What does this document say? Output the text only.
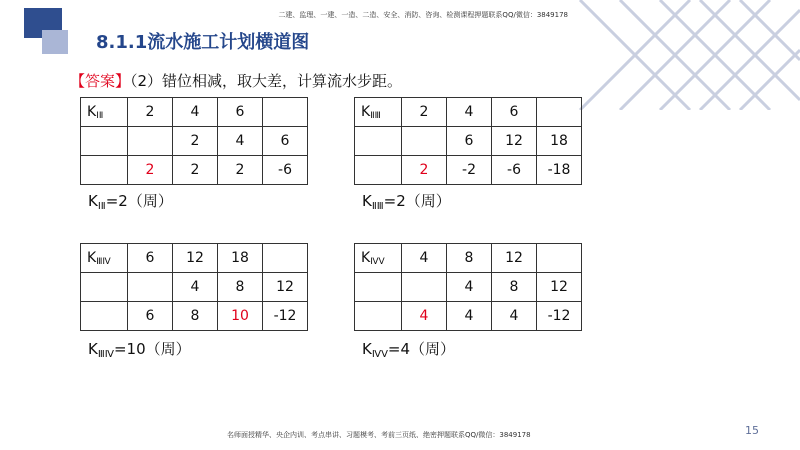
二建、监理、一建、一造、二造、安全、消防、咨询、检测课程押题联系QQ/微信：3849178
8.1.1流水施工计划横道图
【答案】（2）错位相减，取大差，计算流水步距。
$K_{ⅠⅡ}$	2	4	6	
		2	4	6
	2	2	2	-6
$K_{ⅠⅡ}=2$（周）
$K_{ⅡⅢ}$	2	4	6	
		6	12	18
	2	-2	-6	-18
$K_{ⅡⅢ}=2$（周）
$K_{ⅢⅣ}$	6	12	18	
		4	8	12
	6	8	10	-12
$K_{ⅢⅣ}=10$（周）
$K_{ⅣⅤ}$	4	8	12	
		4	8	12
	4	4	4	-12
$K_{ⅣⅤ}=4$（周）
名师面授精华、央企内训、考点串讲、习题模考、考前三页纸、绝密押题联系QQ/微信：3849178	15
